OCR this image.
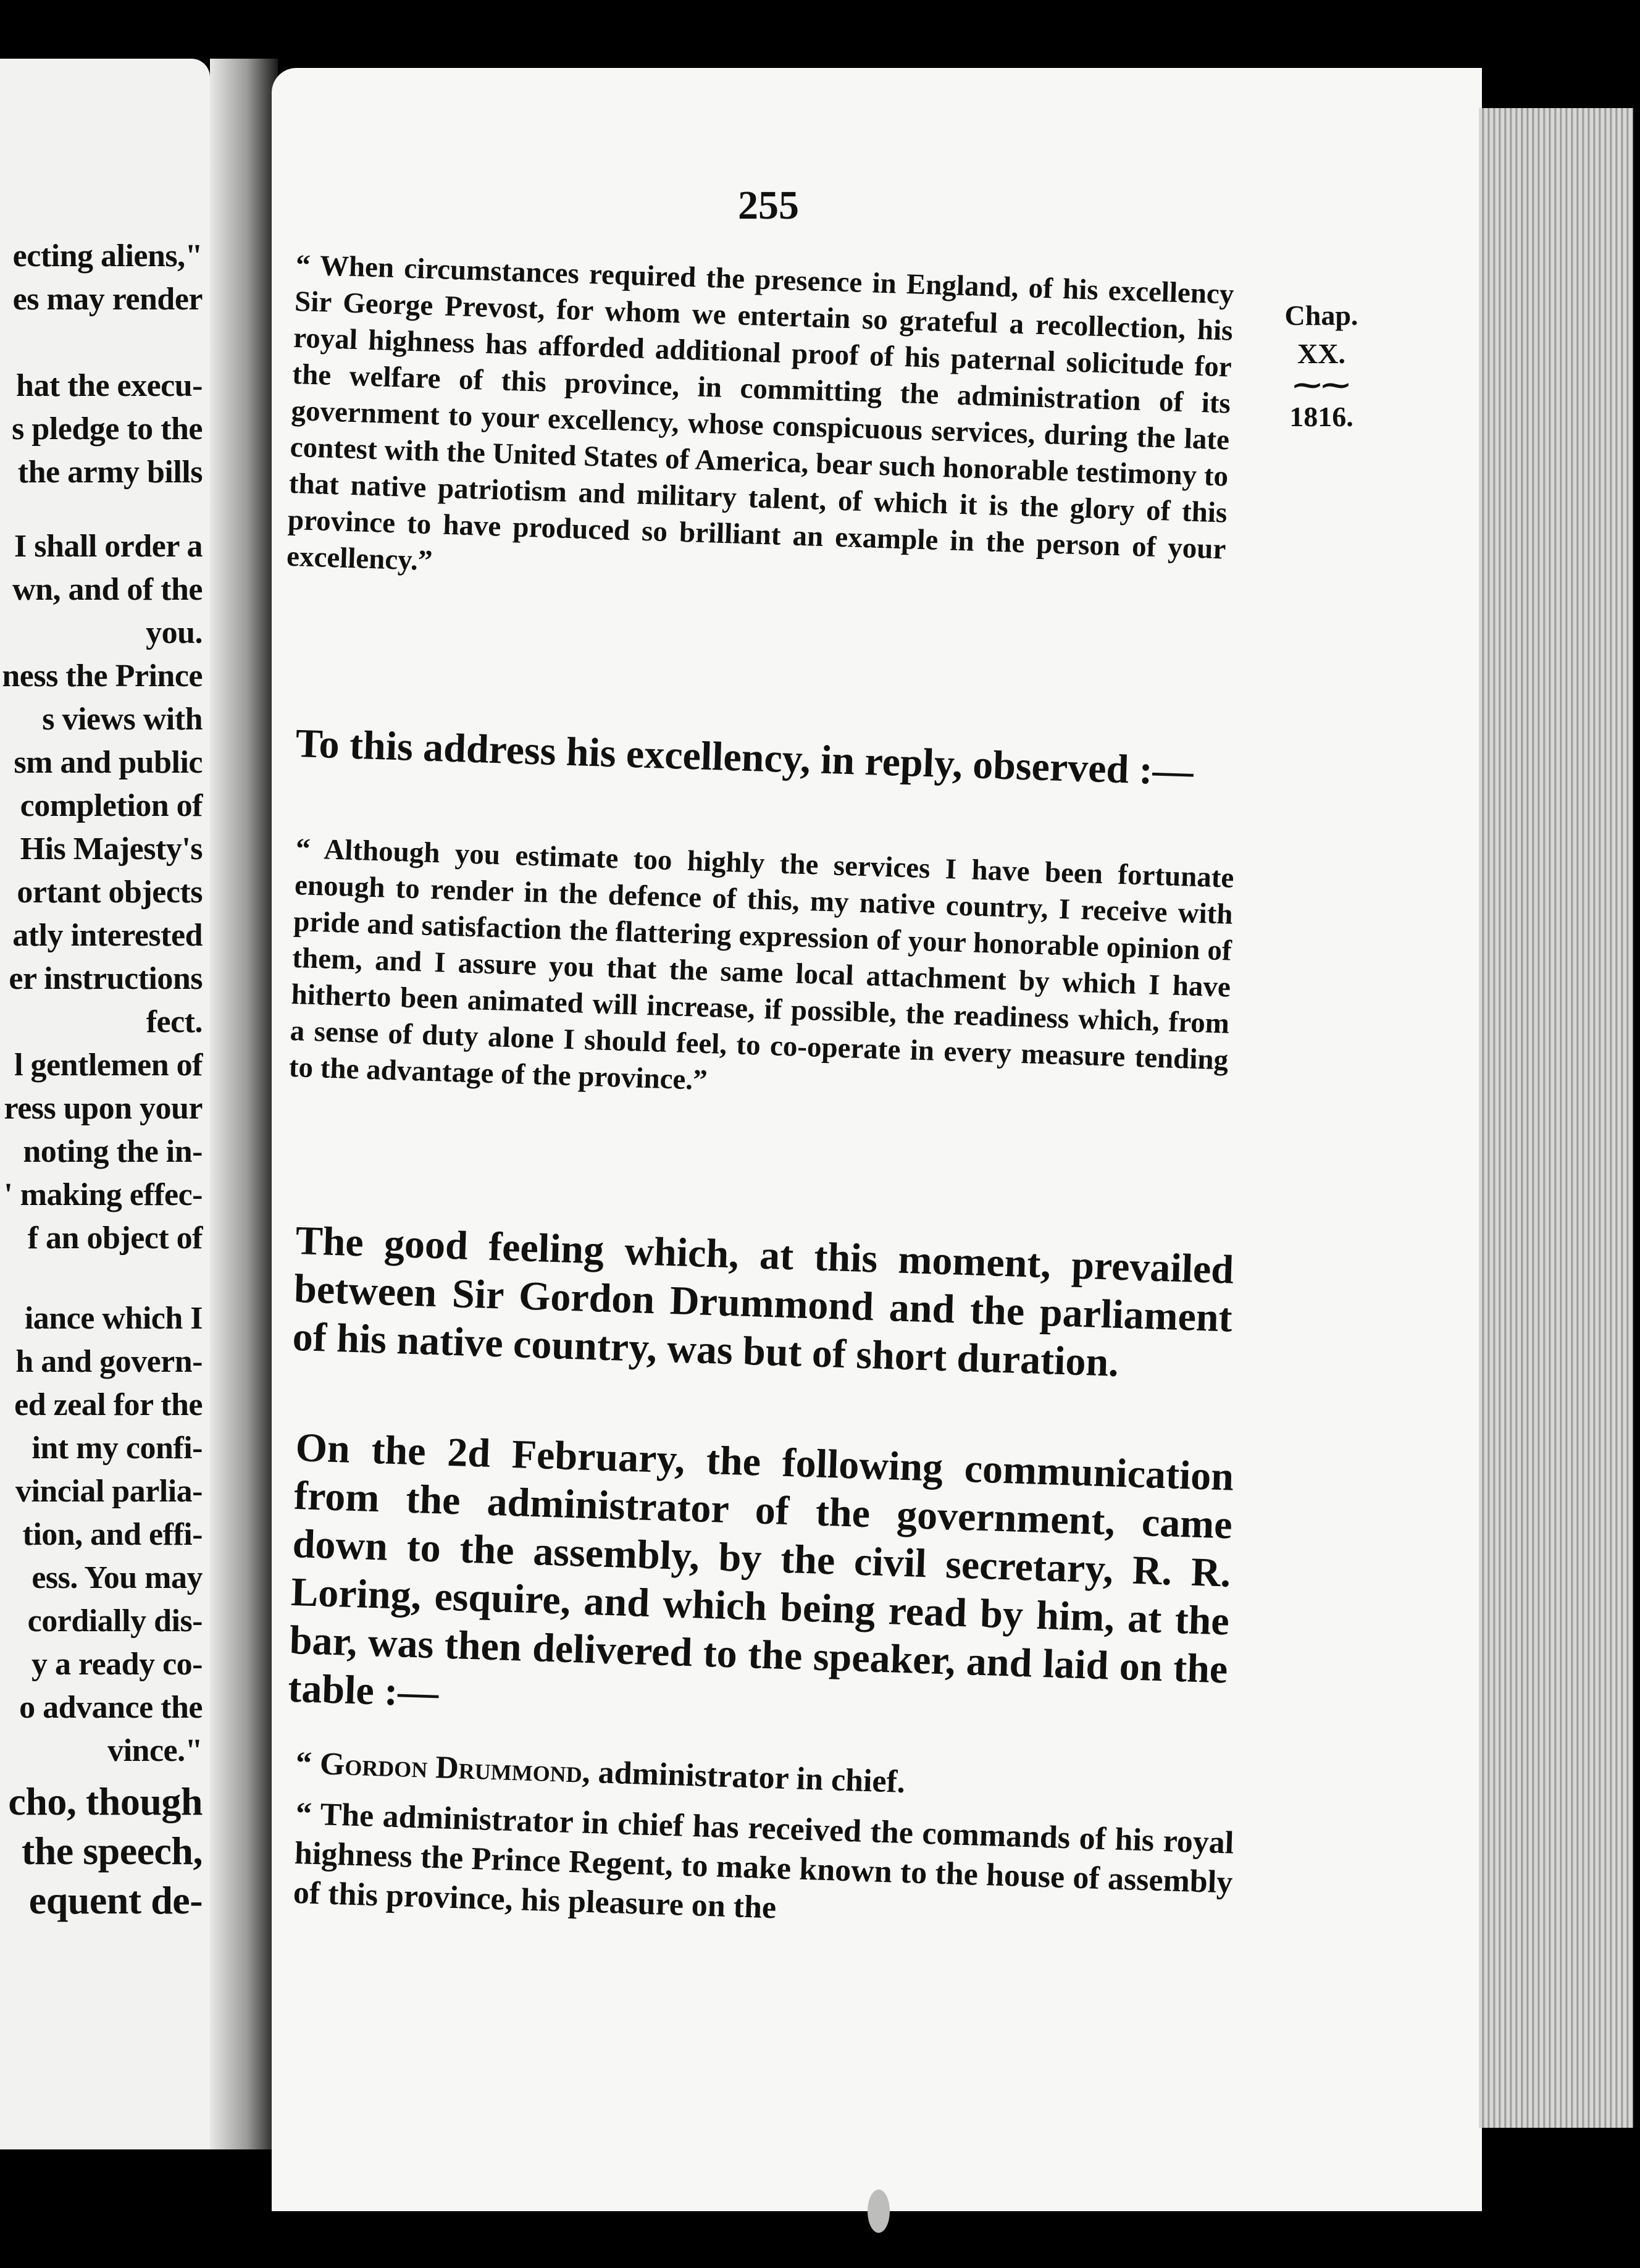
ecting aliens,"
es may render
hat the execu-
s pledge to the
the army bills
I shall order a
wn, and of the
you.
ness the Prince
s views with
sm and public
completion of
His Majesty's
ortant objects
atly interested
er instructions
fect.
l gentlemen of
ress upon your
noting the in-
' making effec-
f an object of
iance which I
h and govern-
ed zeal for the
int my confi-
vincial parlia-
tion, and effi-
ess. You may
cordially dis-
y a ready co-
o advance the
vince."
cho, though
the speech,
equent de-
255
Chap.
XX.
⁓⁓
1816.
“ When circumstances required the presence in England, of his excellency Sir George Prevost, for whom we entertain so grateful a recollection, his royal highness has afforded additional proof of his paternal solicitude for the welfare of this province, in committing the administration of its government to your excellency, whose conspicuous services, during the late contest with the United States of America, bear such honorable testimony to that native patriotism and military talent, of which it is the glory of this province to have produced so brilliant an example in the person of your excellency.”
To this address his excellency, in reply, observed :—
“ Although you estimate too highly the services I have been fortunate enough to render in the defence of this, my native country, I receive with pride and satisfaction the flattering expression of your honorable opinion of them, and I assure you that the same local attachment by which I have hitherto been animated will increase, if possible, the readiness which, from a sense of duty alone I should feel, to co-operate in every measure tending to the advantage of the province.”
The good feeling which, at this moment, prevailed between Sir Gordon Drummond and the parliament of his native country, was but of short duration.
On the 2d February, the following communication from the administrator of the government, came down to the assembly, by the civil secretary, R. R. Loring, esquire, and which being read by him, at the bar, was then delivered to the speaker, and laid on the table :—
“ Gordon Drummond, administrator in chief.
“ The administrator in chief has received the commands of his royal highness the Prince Regent, to make known to the house of assembly of this province, his pleasure on the
